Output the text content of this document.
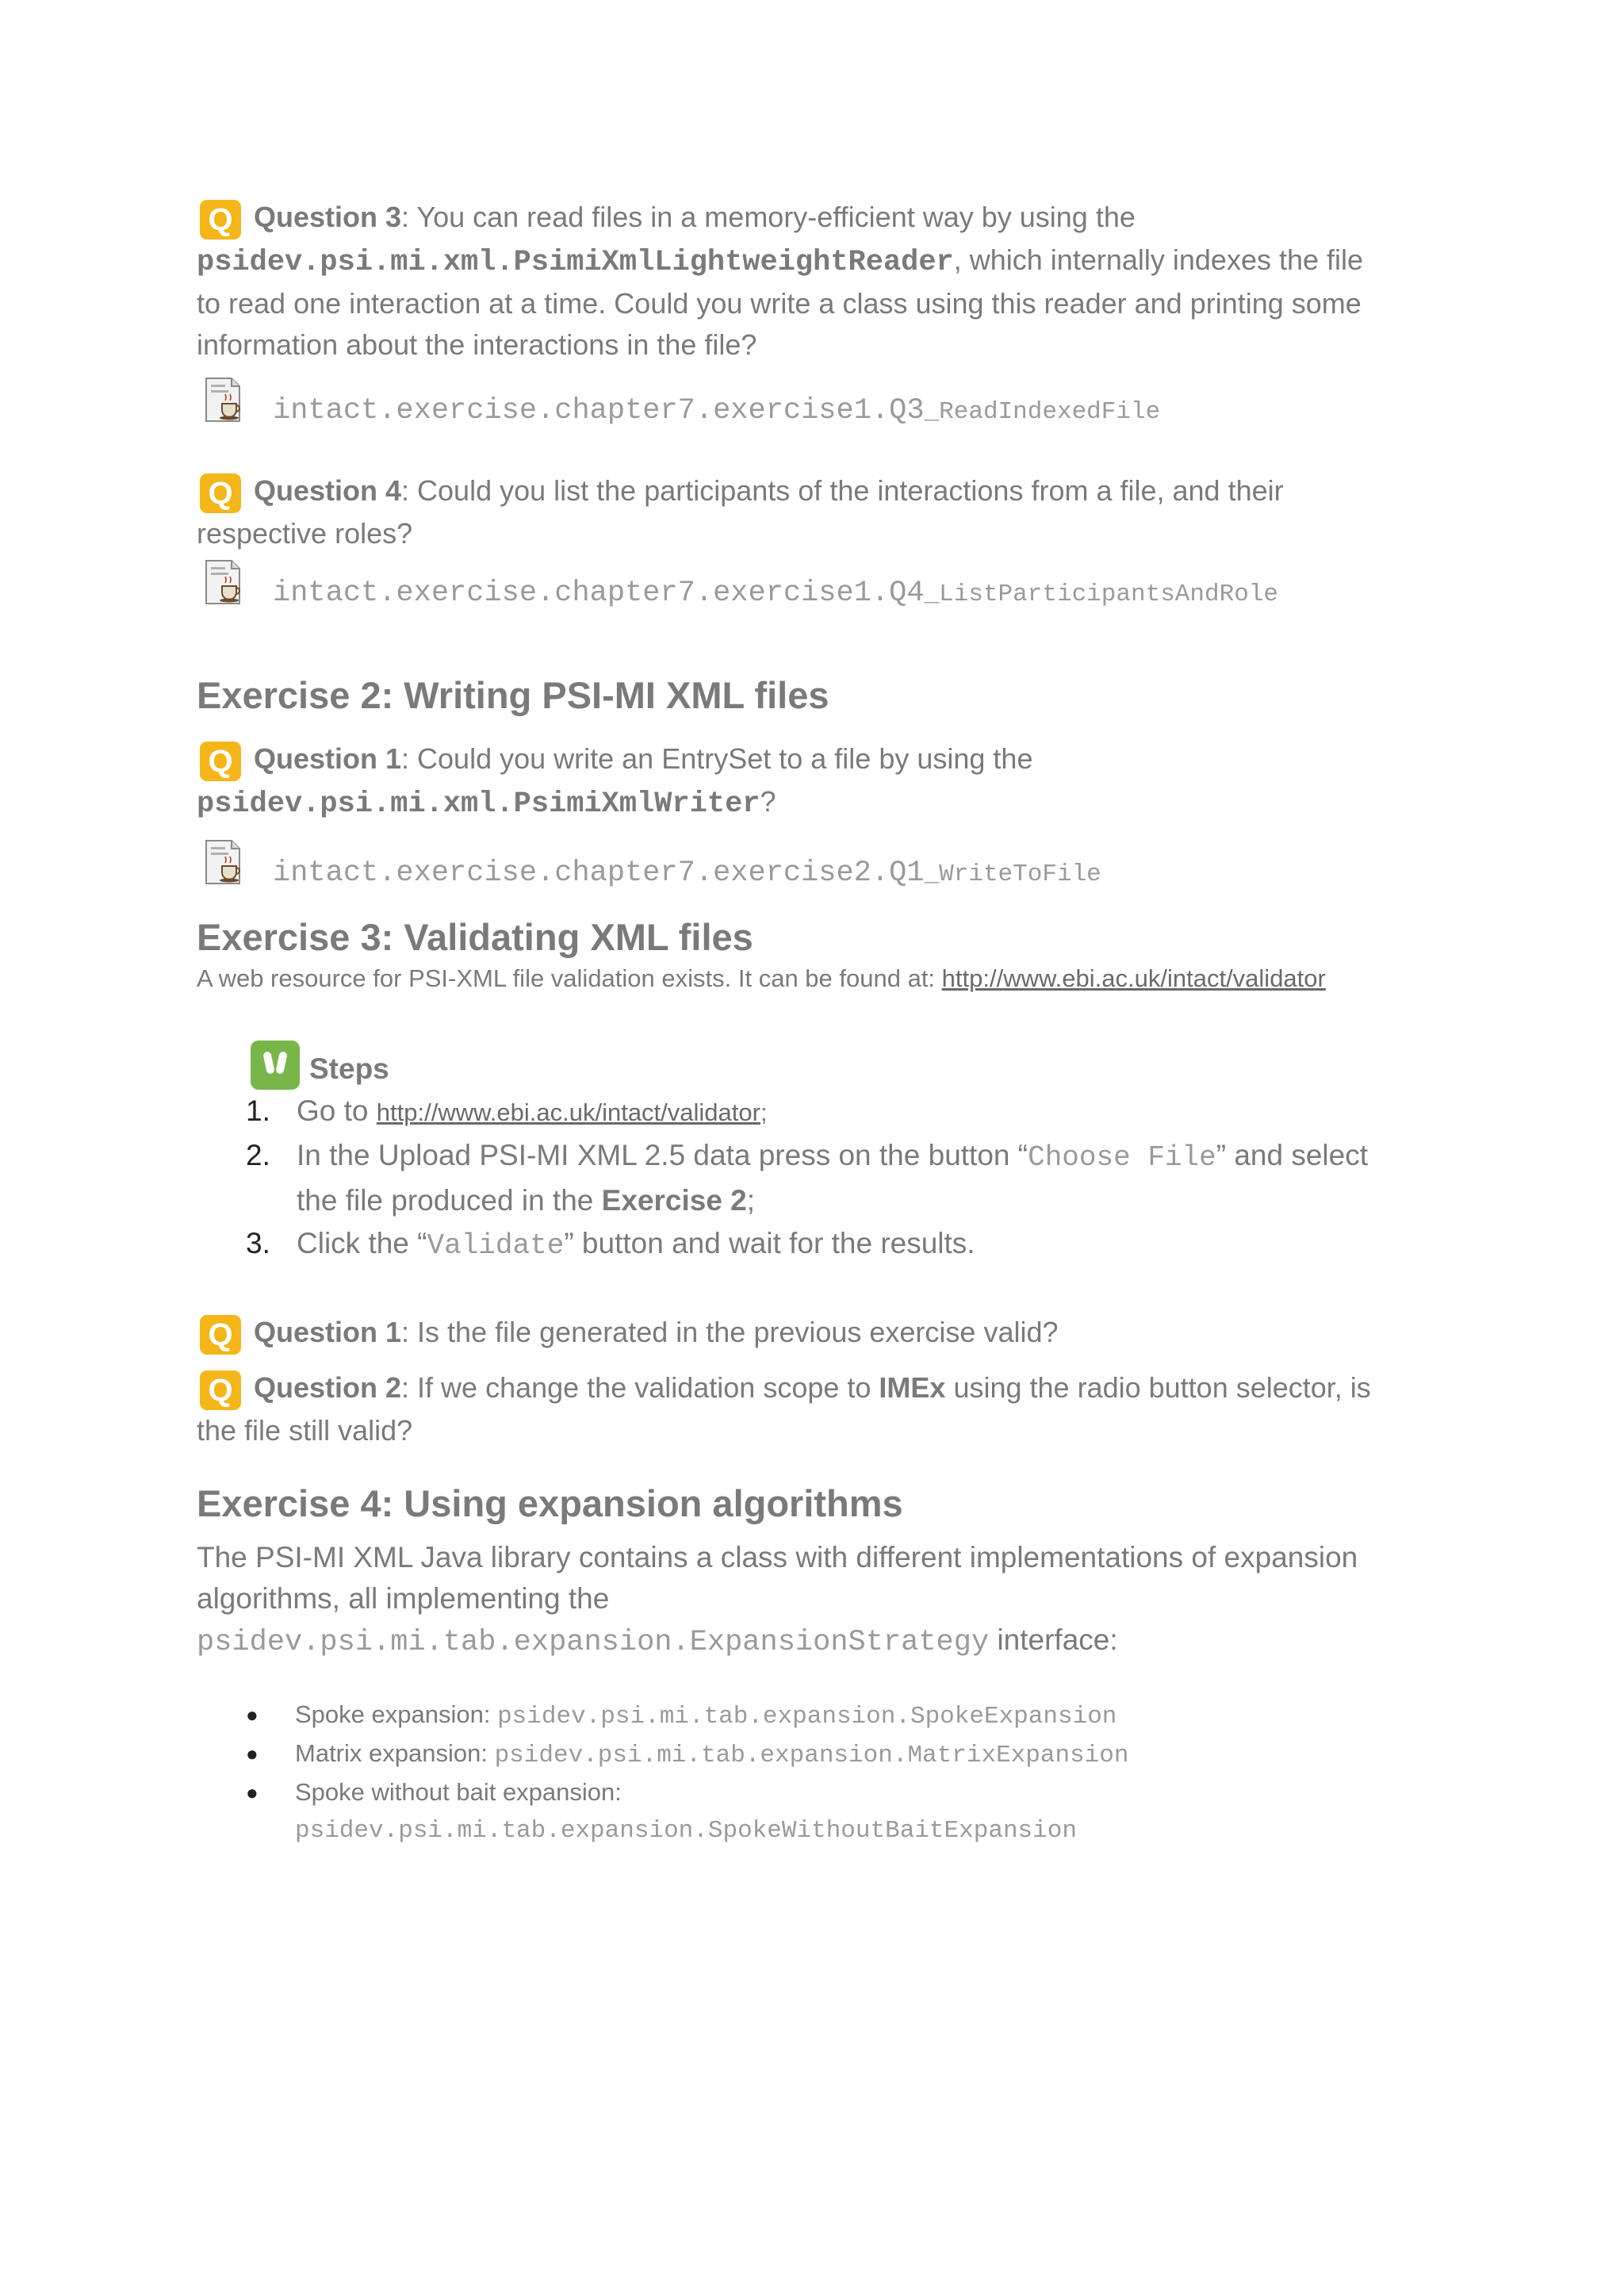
Q Question 3: You can read files in a memory-efficient way by using the
psidev.psi.mi.xml.PsimiXmlLightweightReader, which internally indexes the file
to read one interaction at a time. Could you write a class using this reader and printing some
information about the interactions in the file?
intact.exercise.chapter7.exercise1.Q3_ReadIndexedFile
Q Question 4: Could you list the participants of the interactions from a file, and their
respective roles?
intact.exercise.chapter7.exercise1.Q4_ListParticipantsAndRole
Exercise 2: Writing PSI-MI XML files
Q Question 1: Could you write an EntrySet to a file by using the
psidev.psi.mi.xml.PsimiXmlWriter?
intact.exercise.chapter7.exercise2.Q1_WriteToFile
Exercise 3: Validating XML files
A web resource for PSI-XML file validation exists. It can be found at: http://www.ebi.ac.uk/intact/validator
Steps
1. Go to http://www.ebi.ac.uk/intact/validator;
2. In the Upload PSI-MI XML 2.5 data press on the button “Choose File” and select
the file produced in the Exercise 2;
3. Click the “Validate” button and wait for the results.
Q Question 1: Is the file generated in the previous exercise valid?
Q Question 2: If we change the validation scope to IMEx using the radio button selector, is
the file still valid?
Exercise 4: Using expansion algorithms
The PSI-MI XML Java library contains a class with different implementations of expansion
algorithms, all implementing the
psidev.psi.mi.tab.expansion.ExpansionStrategy interface:
● Spoke expansion: psidev.psi.mi.tab.expansion.SpokeExpansion
● Matrix expansion: psidev.psi.mi.tab.expansion.MatrixExpansion
● Spoke without bait expansion:
psidev.psi.mi.tab.expansion.SpokeWithoutBaitExpansion
